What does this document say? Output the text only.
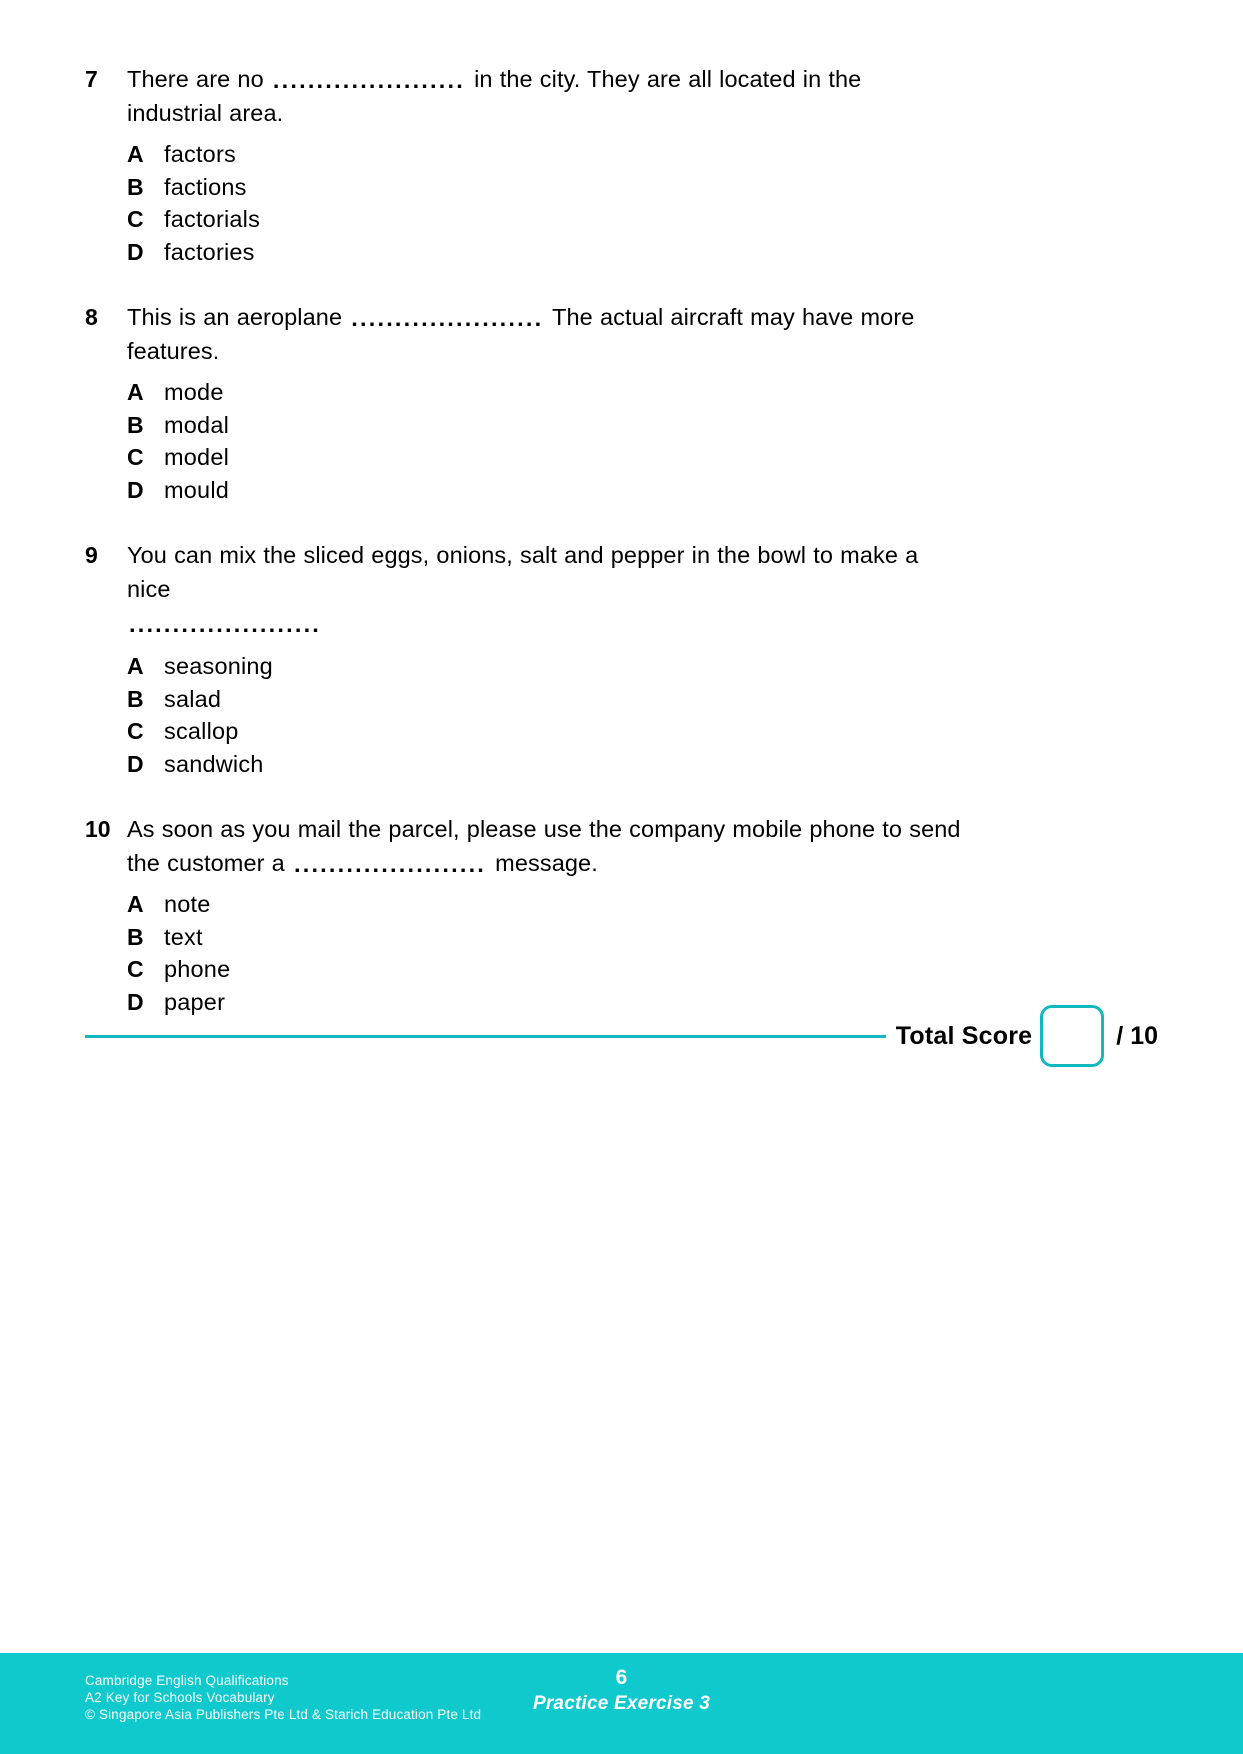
7	There are no ...................... in the city. They are all located in the industrial area.
A factors
B factions
C factorials
D factories
8	This is an aeroplane ...................... The actual aircraft may have more features.
A mode
B modal
C model
D mould
9	You can mix the sliced eggs, onions, salt and pepper in the bowl to make a nice
......................
A seasoning
B salad
C scallop
D sandwich
10 As soon as you mail the parcel, please use the company mobile phone to send the customer a ...................... message.
A note
B text
C phone
D paper
Total Score	/ 10
Cambridge English Qualifications
A2 Key for Schools Vocabulary
© Singapore Asia Publishers Pte Ltd & Starich Education Pte Ltd
6
Practice Exercise 3
